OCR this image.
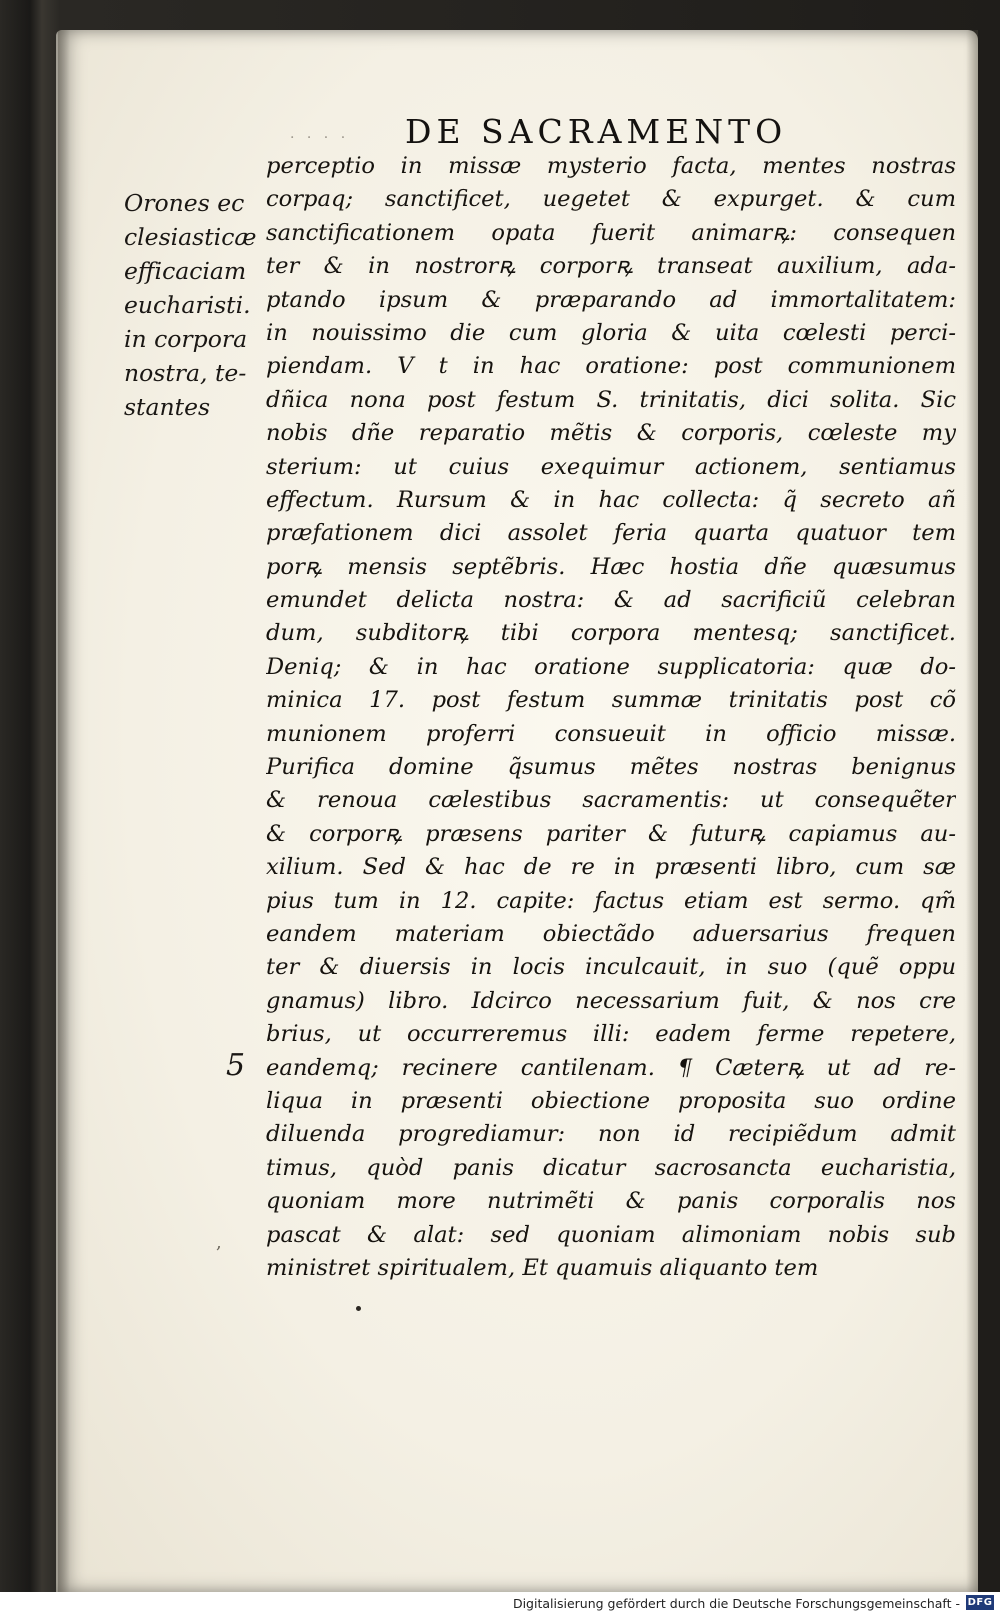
· · · ·	DE SACRAMENTO
Orones ec
clesiasticæ
efficaciam
eucharisti.
in corpora
nostra, te-
stantes
5
,
perceptio in missæ mysterio facta, mentes nostras
corpaq; sanctificet, uegetet & expurget. & cum
sanctificationem opata fuerit animarꝶ: consequen
ter & in nostrorꝶ corporꝶ transeat auxilium, ada-
ptando ipsum & præparando ad immortalitatem:
in nouissimo die cum gloria & uita cœlesti perci-
piendam. V t in hac oratione: post communionem
dñica nona post festum S. trinitatis, dici solita. Sic
nobis dñe reparatio mẽtis & corporis, cœleste my
sterium: ut cuius exequimur actionem, sentiamus
effectum. Rursum & in hac collecta: q̃ secreto añ
præfationem dici assolet feria quarta quatuor tem
porꝶ mensis septẽbris. Hæc hostia dñe quæsumus
emundet delicta nostra: & ad sacrificiũ celebran
dum, subditorꝶ tibi corpora mentesq; sanctificet.
Deniq; & in hac oratione supplicatoria: quæ do-
minica 17. post festum summæ trinitatis post cõ
munionem proferri consueuit in officio missæ.
Purifica domine q̃sumus mẽtes nostras benignus
& renoua cælestibus sacramentis: ut consequẽter
& corporꝶ præsens pariter & futurꝶ capiamus au-
xilium. Sed & hac de re in præsenti libro, cum sæ
pius tum in 12. capite: factus etiam est sermo. qm̃
eandem materiam obiectãdo aduersarius frequen
ter & diuersis in locis inculcauit, in suo (quẽ oppu
gnamus) libro. Idcirco necessarium fuit, & nos cre
brius, ut occurreremus illi: eadem ferme repetere,
eandemq; recinere cantilenam. ¶ Cæterꝶ ut ad re-
liqua in præsenti obiectione proposita suo ordine
diluenda progrediamur: non id recipiẽdum admit
timus, quòd panis dicatur sacrosancta eucharistia,
quoniam more nutrimẽti & panis corporalis nos
pascat & alat: sed quoniam alimoniam nobis sub
ministret spiritualem, Et quamuis aliquanto tem
Digitalisierung gefördert durch die Deutsche Forschungsgemeinschaft - DFG
